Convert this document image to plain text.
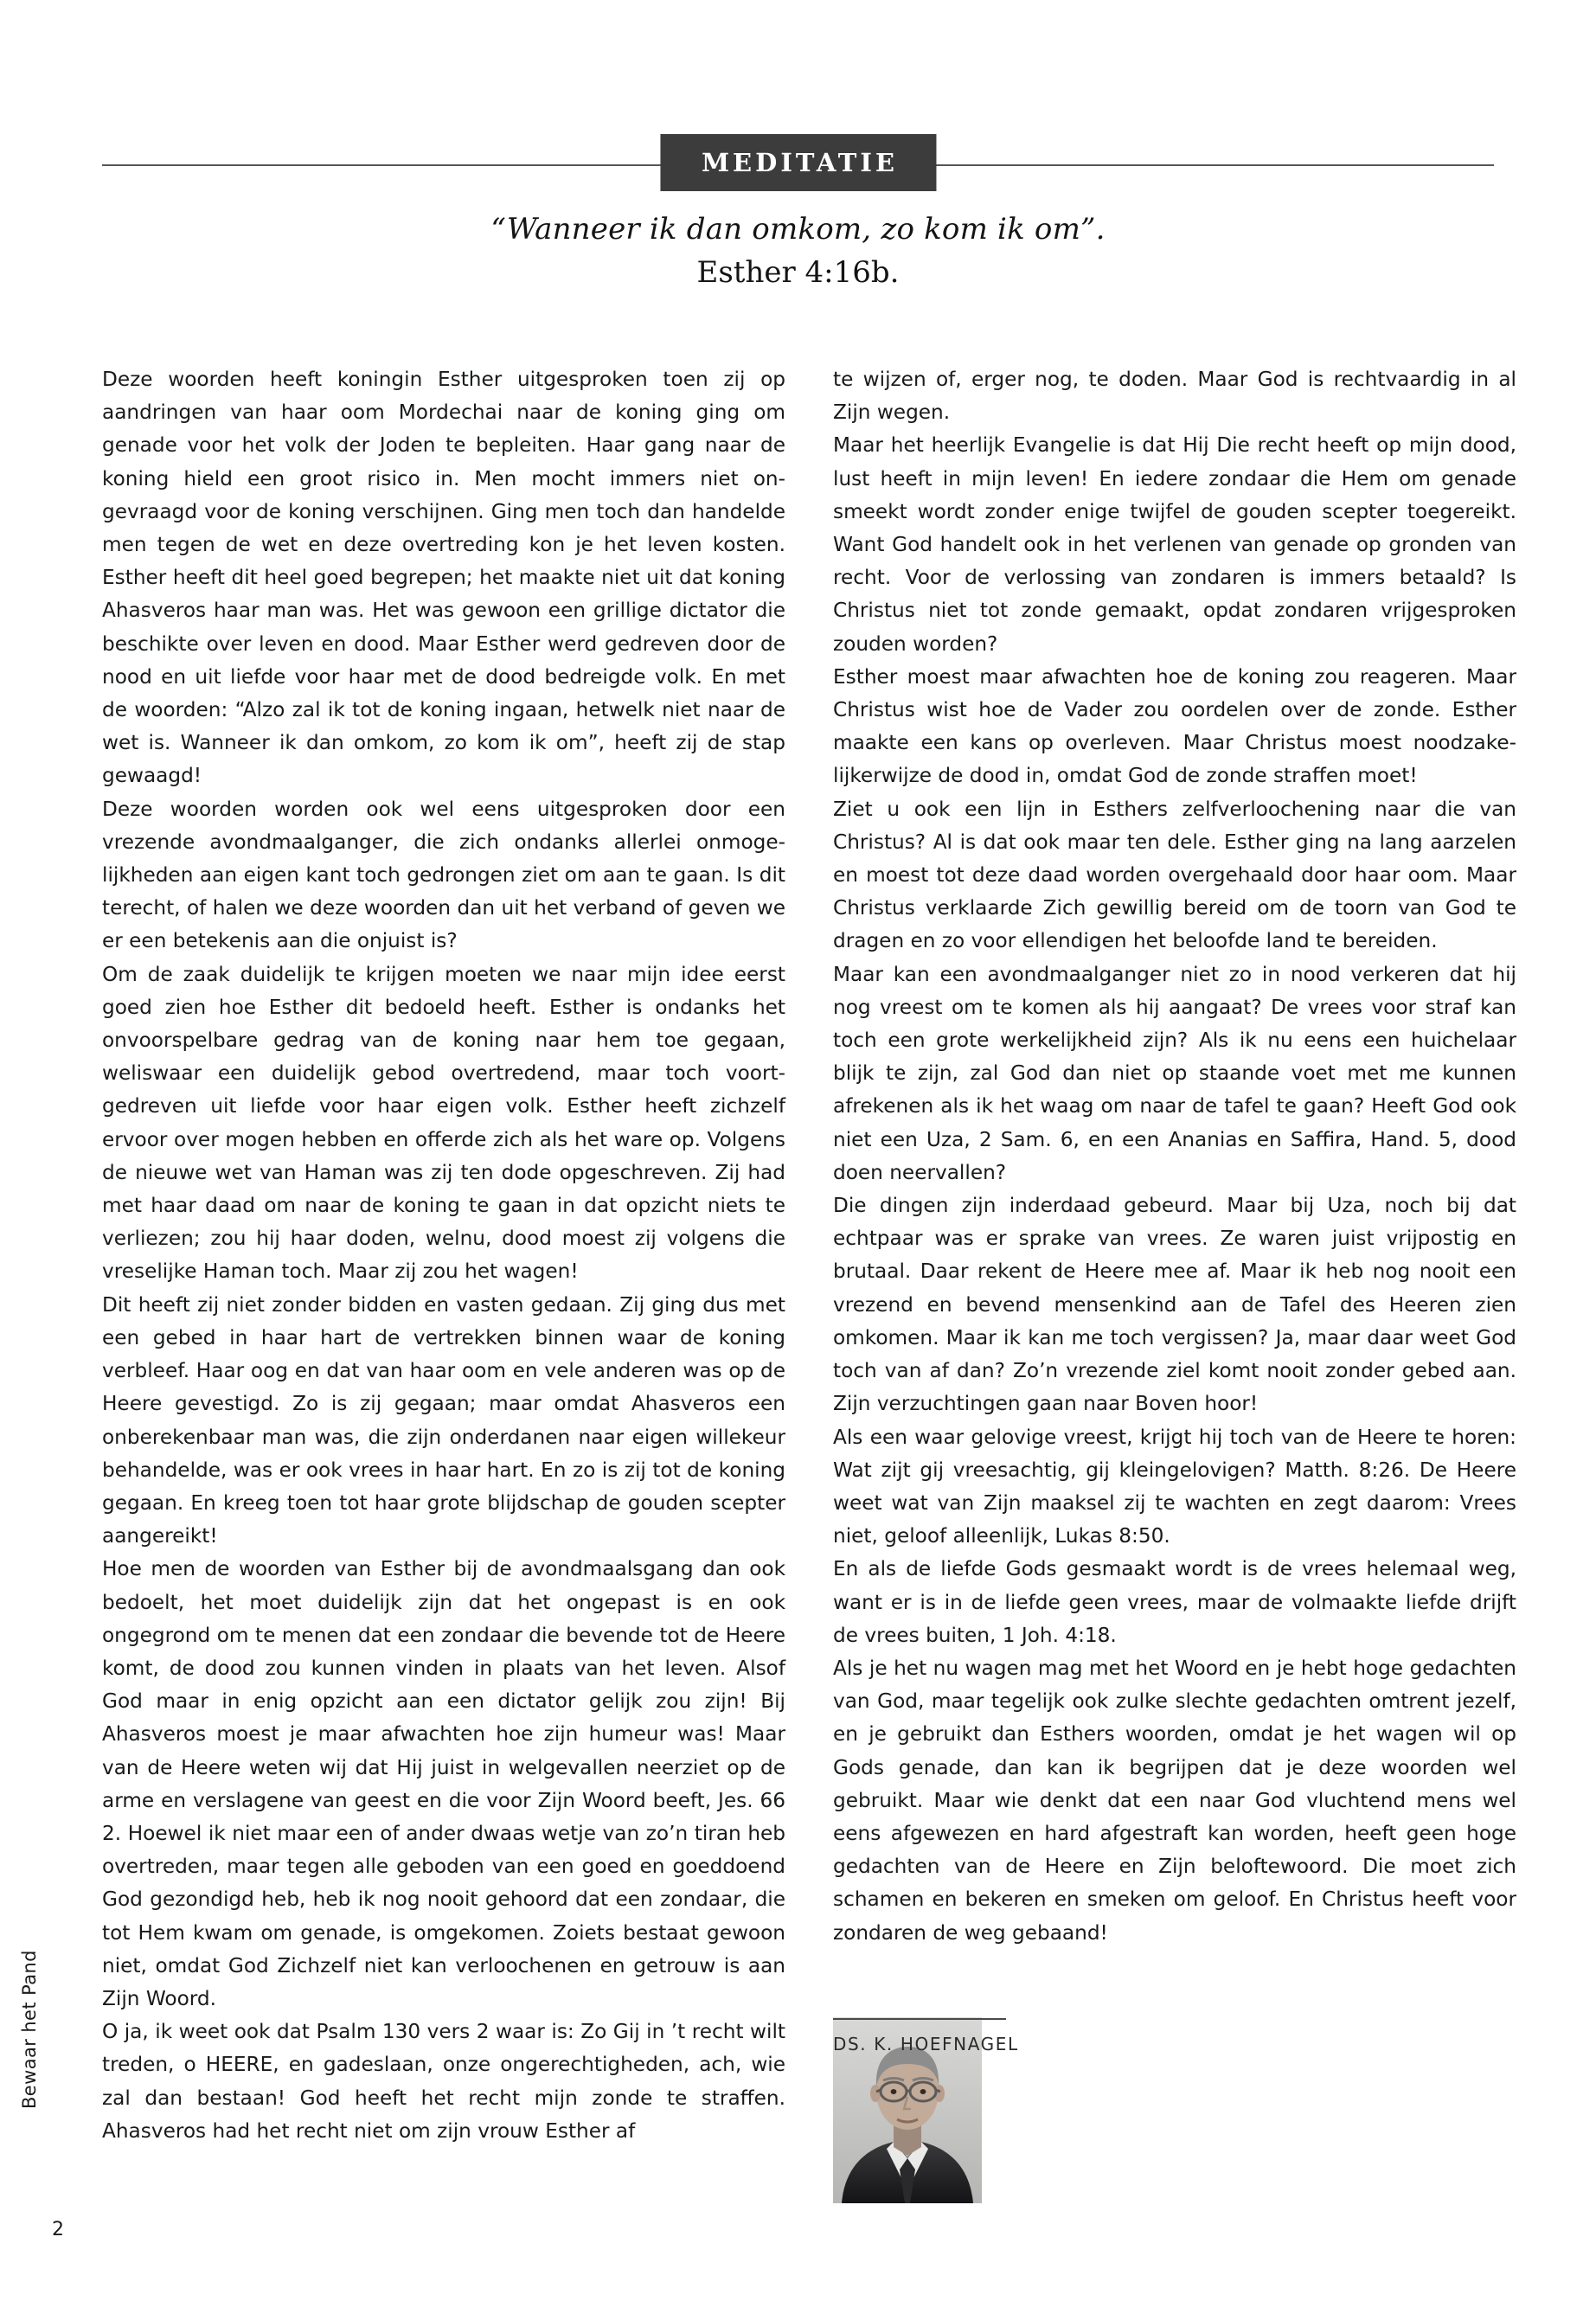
MEDITATIE
“Wanneer ik dan omkom, zo kom ik om”.
Esther 4:16b.

Deze woorden heeft koningin Esther uitgesproken toen zij op aandringen van haar oom Mordechai naar de koning ging om genade voor het volk der Joden te bepleiten. Haar gang naar de koning hield een groot risico in. Men mocht immers niet ongevraagd voor de koning verschijnen. Ging men toch dan handelde men tegen de wet en deze overtreding kon je het leven kosten. Esther heeft dit heel goed begrepen; het maakte niet uit dat koning Ahasveros haar man was. Het was gewoon een grillige dictator die beschikte over leven en dood. Maar Esther werd gedreven door de nood en uit liefde voor haar met de dood bedreigde volk. En met de woorden: “Alzo zal ik tot de koning ingaan, hetwelk niet naar de wet is. Wanneer ik dan omkom, zo kom ik om”, heeft zij de stap gewaagd!

Deze woorden worden ook wel eens uitgesproken door een vrezende avondmaalganger, die zich ondanks allerlei onmogelijkheden aan eigen kant toch gedrongen ziet om aan te gaan. Is dit terecht, of halen we deze woorden dan uit het verband of geven we er een betekenis aan die onjuist is?

Om de zaak duidelijk te krijgen moeten we naar mijn idee eerst goed zien hoe Esther dit bedoeld heeft. Esther is ondanks het onvoorspelbare gedrag van de koning naar hem toe gegaan, weliswaar een duidelijk gebod overtredend, maar toch voortgedreven uit liefde voor haar eigen volk. Esther heeft zichzelf ervoor over mogen hebben en offerde zich als het ware op. Volgens de nieuwe wet van Haman was zij ten dode opgeschreven. Zij had met haar daad om naar de koning te gaan in dat opzicht niets te verliezen; zou hij haar doden, welnu, dood moest zij volgens die vreselijke Haman toch. Maar zij zou het wagen!

Dit heeft zij niet zonder bidden en vasten gedaan. Zij ging dus met een gebed in haar hart de vertrekken binnen waar de koning verbleef. Haar oog en dat van haar oom en vele anderen was op de Heere gevestigd. Zo is zij gegaan; maar omdat Ahasveros een onberekenbaar man was, die zijn onderdanen naar eigen willekeur behandelde, was er ook vrees in haar hart. En zo is zij tot de koning gegaan. En kreeg toen tot haar grote blijdschap de gouden scepter aangereikt!

Hoe men de woorden van Esther bij de avondmaalsgang dan ook bedoelt, het moet duidelijk zijn dat het ongepast is en ook ongegrond om te menen dat een zondaar die bevende tot de Heere komt, de dood zou kunnen vinden in plaats van het leven. Alsof God maar in enig opzicht aan een dictator gelijk zou zijn! Bij Ahasveros moest je maar afwachten hoe zijn humeur was! Maar van de Heere weten wij dat Hij juist in welgevallen neerziet op de arme en verslagene van geest en die voor Zijn Woord beeft, Jes. 66 2. Hoewel ik niet maar een of ander dwaas wetje van zo’n tiran heb overtreden, maar tegen alle geboden van een goed en goeddoend God gezondigd heb, heb ik nog nooit gehoord dat een zondaar, die tot Hem kwam om genade, is omgekomen. Zoiets bestaat gewoon niet, omdat God Zichzelf niet kan verloochenen en getrouw is aan Zijn Woord.

O ja, ik weet ook dat Psalm 130 vers 2 waar is: Zo Gij in ’t recht wilt treden, o HEERE, en gadeslaan, onze ongerechtigheden, ach, wie zal dan bestaan! God heeft het recht mijn zonde te straffen. Ahasveros had het recht niet om zijn vrouw Esther af

te wijzen of, erger nog, te doden. Maar God is rechtvaardig in al Zijn wegen.

Maar het heerlijk Evangelie is dat Hij Die recht heeft op mijn dood, lust heeft in mijn leven! En iedere zondaar die Hem om genade smeekt wordt zonder enige twijfel de gouden scepter toegereikt. Want God handelt ook in het verlenen van genade op gronden van recht. Voor de verlossing van zondaren is immers betaald? Is Christus niet tot zonde gemaakt, opdat zondaren vrijgesproken zouden worden?

Esther moest maar afwachten hoe de koning zou reageren. Maar Christus wist hoe de Vader zou oordelen over de zonde. Esther maakte een kans op overleven. Maar Christus moest noodzakelijkerwijze de dood in, omdat God de zonde straffen moet!

Ziet u ook een lijn in Esthers zelfverloochening naar die van Christus? Al is dat ook maar ten dele. Esther ging na lang aarzelen en moest tot deze daad worden overgehaald door haar oom. Maar Christus verklaarde Zich gewillig bereid om de toorn van God te dragen en zo voor ellendigen het beloofde land te bereiden.

Maar kan een avondmaalganger niet zo in nood verkeren dat hij nog vreest om te komen als hij aangaat? De vrees voor straf kan toch een grote werkelijkheid zijn? Als ik nu eens een huichelaar blijk te zijn, zal God dan niet op staande voet met me kunnen afrekenen als ik het waag om naar de tafel te gaan? Heeft God ook niet een Uza, 2 Sam. 6, en een Ananias en Saffira, Hand. 5, dood doen neervallen?

Die dingen zijn inderdaad gebeurd. Maar bij Uza, noch bij dat echtpaar was er sprake van vrees. Ze waren juist vrijpostig en brutaal. Daar rekent de Heere mee af. Maar ik heb nog nooit een vrezend en bevend mensenkind aan de Tafel des Heeren zien omkomen. Maar ik kan me toch vergissen? Ja, maar daar weet God toch van af dan? Zo’n vrezende ziel komt nooit zonder gebed aan. Zijn verzuchtingen gaan naar Boven hoor!

Als een waar gelovige vreest, krijgt hij toch van de Heere te horen: Wat zijt gij vreesachtig, gij kleingelovigen? Matth. 8:26. De Heere weet wat van Zijn maaksel zij te wachten en zegt daarom: Vrees niet, geloof alleenlijk, Lukas 8:50.

En als de liefde Gods gesmaakt wordt is de vrees helemaal weg, want er is in de liefde geen vrees, maar de volmaakte liefde drijft de vrees buiten, 1 Joh. 4:18.

Als je het nu wagen mag met het Woord en je hebt hoge gedachten van God, maar tegelijk ook zulke slechte gedachten omtrent jezelf, en je gebruikt dan Esthers woorden, omdat je het wagen wil op Gods genade, dan kan ik begrijpen dat je deze woorden wel gebruikt. Maar wie denkt dat een naar God vluchtend mens wel eens afgewezen en hard afgestraft kan worden, heeft geen hoge gedachten van de Heere en Zijn beloftewoord. Die moet zich schamen en bekeren en smeken om geloof. En Christus heeft voor zondaren de weg gebaand!

DS. K. HOEFNAGEL
Bewaar het Pand
2
